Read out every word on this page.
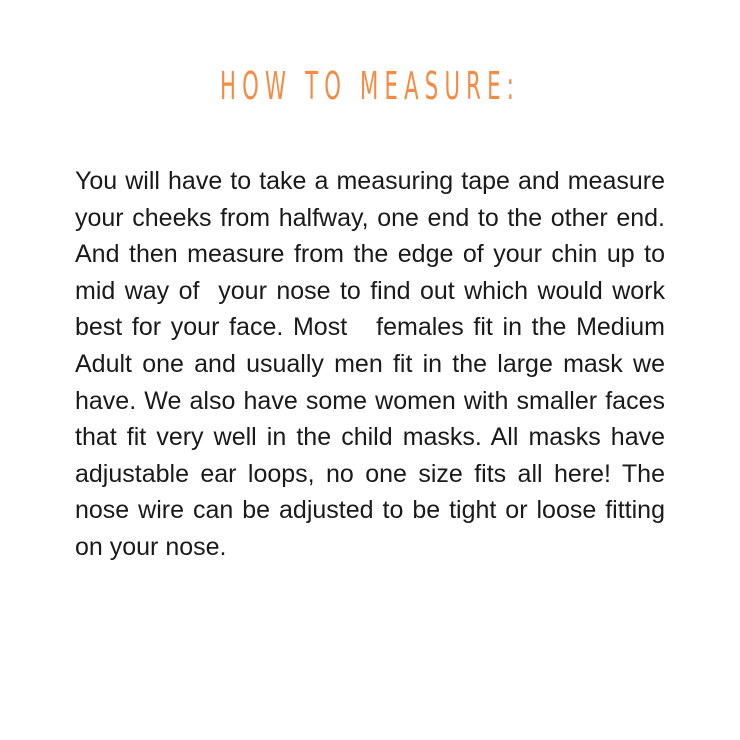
HOW TO MEASURE:

You will have to take a measuring tape and measure your cheeks from halfway, one end to the other end. And then measure from the edge of your chin up to mid way of  your nose to find out which would work best for your face. Most   females fit in the Medium Adult one and usually men fit in the large mask we have. We also have some women with smaller faces that fit very well in the child masks. All masks have adjustable ear loops, no one size fits all here! The nose wire can be adjusted to be tight or loose fitting on your nose.
